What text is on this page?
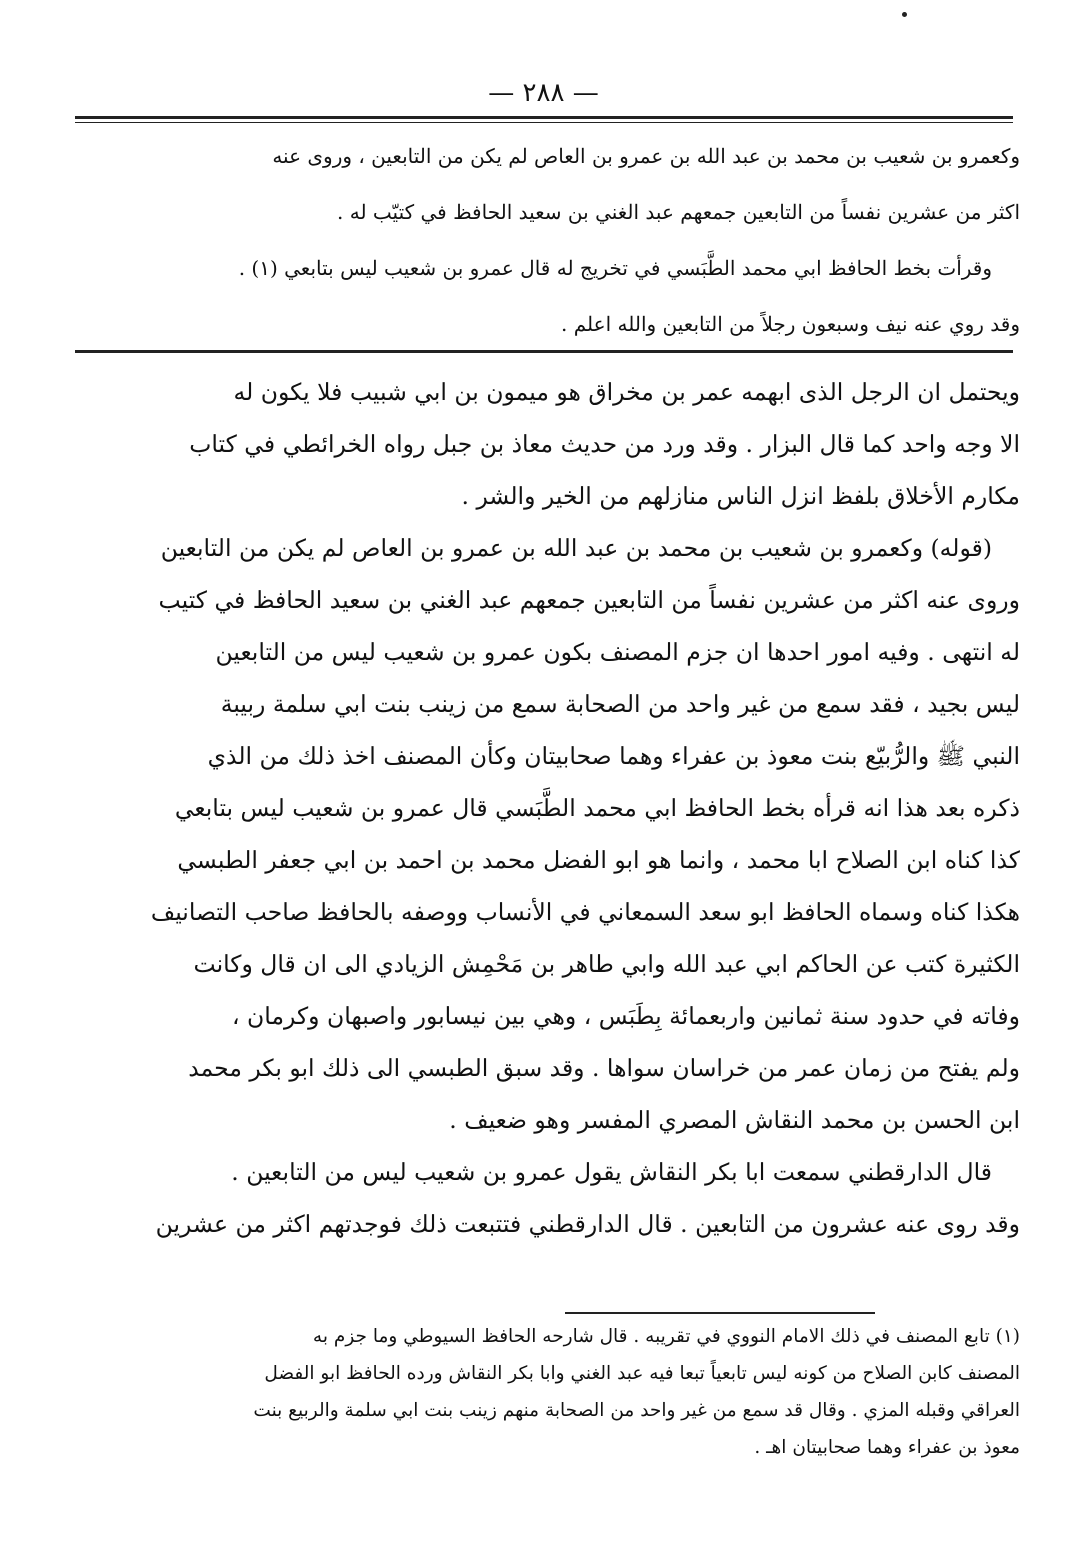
— ٢٨٨ —
وكعمرو بن شعيب بن محمد بن عبد الله بن عمرو بن العاص لم يكن من التابعين ، وروى عنه
اكثر من عشرين نفساً من التابعين جمعهم عبد الغني بن سعيد الحافظ في كتيّب له .
وقرأت بخط الحافظ ابي محمد الطَّبَسي في تخريج له قال عمرو بن شعيب ليس بتابعي (١) .
وقد روي عنه نيف وسبعون رجلاً من التابعين والله اعلم .
ويحتمل ان الرجل الذى ابهمه عمر بن مخراق هو ميمون بن ابي شبيب فلا يكون له
الا وجه واحد كما قال البزار . وقد ورد من حديث معاذ بن جبل رواه الخرائطي في كتاب
مكارم الأخلاق بلفظ انزل الناس منازلهم من الخير والشر .
(قوله) وكعمرو بن شعيب بن محمد بن عبد الله بن عمرو بن العاص لم يكن من التابعين
وروى عنه اكثر من عشرين نفساً من التابعين جمعهم عبد الغني بن سعيد الحافظ في كتيب
له انتهى . وفيه امور احدها ان جزم المصنف بكون عمرو بن شعيب ليس من التابعين
ليس بجيد ، فقد سمع من غير واحد من الصحابة سمع من زينب بنت ابي سلمة ربيبة
النبي ﷺ والرُّبيّع بنت معوذ بن عفراء وهما صحابيتان وكأن المصنف اخذ ذلك من الذي
ذكره بعد هذا انه قرأه بخط الحافظ ابي محمد الطَّبَسي قال عمرو بن شعيب ليس بتابعي
كذا كناه ابن الصلاح ابا محمد ، وانما هو ابو الفضل محمد بن احمد بن ابي جعفر الطبسي
هكذا كناه وسماه الحافظ ابو سعد السمعاني في الأنساب ووصفه بالحافظ صاحب التصانيف
الكثيرة كتب عن الحاكم ابي عبد الله وابي طاهر بن مَحْمِش الزيادي الى ان قال وكانت
وفاته في حدود سنة ثمانين واربعمائة بِطَبَس ، وهي بين نيسابور واصبهان وكرمان ،
ولم يفتح من زمان عمر من خراسان سواها . وقد سبق الطبسي الى ذلك ابو بكر محمد
ابن الحسن بن محمد النقاش المصري المفسر وهو ضعيف .
قال الدارقطني سمعت ابا بكر النقاش يقول عمرو بن شعيب ليس من التابعين .
وقد روى عنه عشرون من التابعين . قال الدارقطني فتتبعت ذلك فوجدتهم اكثر من عشرين
(١) تابع المصنف في ذلك الامام النووي في تقريبه . قال شارحه الحافظ السيوطي وما جزم به
المصنف كابن الصلاح من كونه ليس تابعياً تبعا فيه عبد الغني وابا بكر النقاش ورده الحافظ ابو الفضل
العراقي وقبله المزي . وقال قد سمع من غير واحد من الصحابة منهم زينب بنت ابي سلمة والربيع بنت
معوذ بن عفراء وهما صحابيتان اهـ .
